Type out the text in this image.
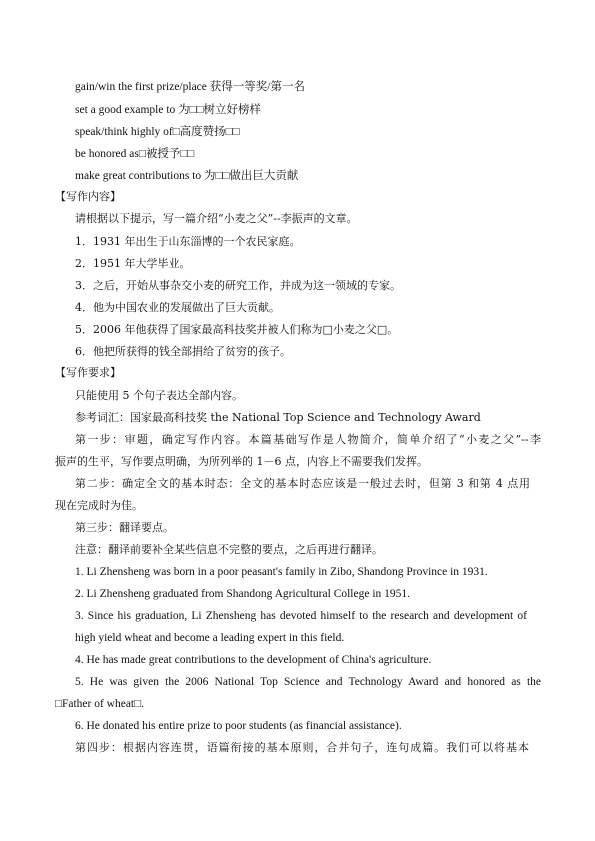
gain/win the first prize/place 获得一等奖/第一名
set a good example to 为□□树立好榜样
speak/think highly of□高度赞扬□□
be honored as□被授予□□
make great contributions to 为□□做出巨大贡献
【写作内容】
请根据以下提示，写一篇介绍“小麦之父”--李振声的文章。
1．1931 年出生于山东淄博的一个农民家庭。
2．1951 年大学毕业。
3．之后，开始从事杂交小麦的研究工作，并成为这一领域的专家。
4．他为中国农业的发展做出了巨大贡献。
5．2006 年他获得了国家最高科技奖并被人们称为□小麦之父□。
6．他把所获得的钱全部捐给了贫穷的孩子。
【写作要求】
只能使用 5 个句子表达全部内容。
参考词汇：国家最高科技奖 the National Top Science and Technology Award
第一步：审题，确定写作内容。本篇基础写作是人物简介，简单介绍了“小麦之父”--李
振声的生平，写作要点明确，为所列举的 1－6 点，内容上不需要我们发挥。
第二步：确定全文的基本时态：全文的基本时态应该是一般过去时，但第 3 和第 4 点用
现在完成时为佳。
第三步：翻译要点。
注意：翻译前要补全某些信息不完整的要点，之后再进行翻译。
1. Li Zhensheng was born in a poor peasant's family in Zibo, Shandong Province in 1931.
2. Li Zhensheng graduated from Shandong Agricultural College in 1951.
3. Since his graduation, Li Zhensheng has devoted himself to the research and development of
high yield wheat and become a leading expert in this field.
4. He has made great contributions to the development of China's agriculture.
5. He was given the 2006 National Top Science and Technology Award and honored as the
□Father of wheat□.
6. He donated his entire prize to poor students (as financial assistance).
第四步：根据内容连贯，语篇衔接的基本原则，合并句子，连句成篇。我们可以将基本
